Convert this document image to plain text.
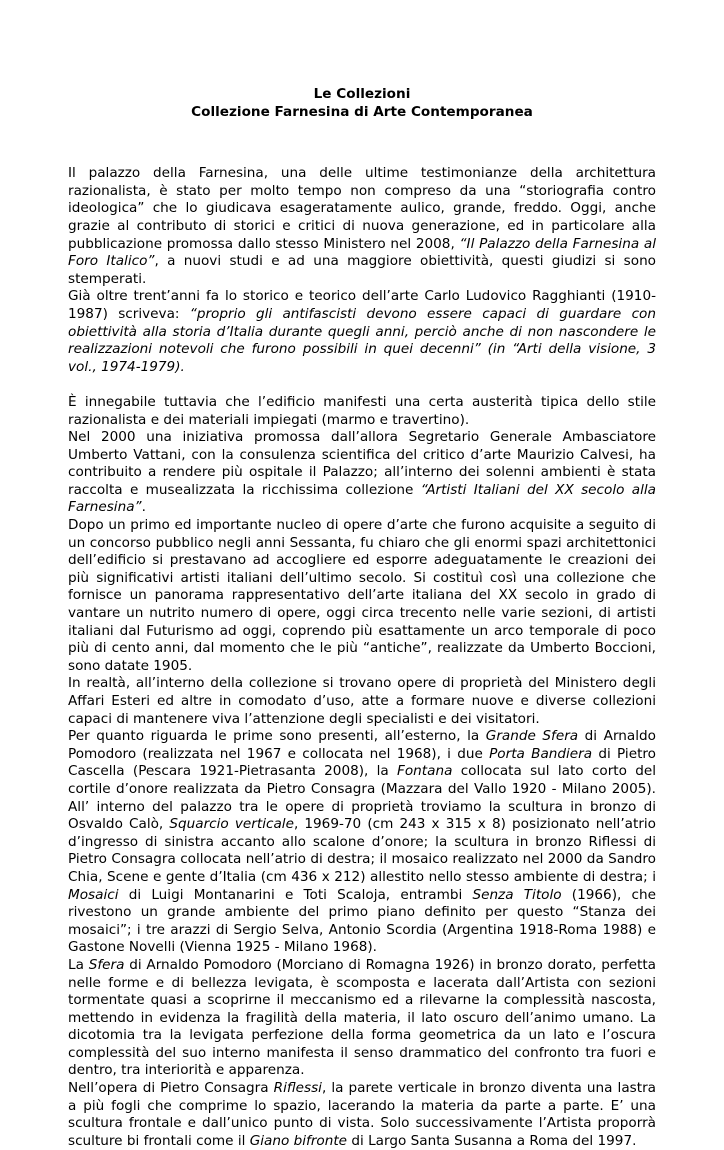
Le Collezioni
Collezione Farnesina di Arte Contemporanea

Il palazzo della Farnesina, una delle ultime testimonianze della architettura razionalista, è stato per molto tempo non compreso da una “storiografia contro ideologica” che lo giudicava esageratamente aulico, grande, freddo. Oggi, anche grazie al contributo di storici e critici di nuova generazione, ed in particolare alla pubblicazione promossa dallo stesso Ministero nel 2008, “Il Palazzo della Farnesina al Foro Italico”, a nuovi studi e ad una maggiore obiettività, questi giudizi si sono stemperati.

Già oltre trent’anni fa lo storico e teorico dell’arte Carlo Ludovico Ragghianti (1910-1987) scriveva: “proprio gli antifascisti devono essere capaci di guardare con obiettività alla storia d’Italia durante quegli anni, perciò anche di non nascondere le realizzazioni notevoli che furono possibili in quei decenni” (in “Arti della visione, 3 vol., 1974-1979).

È innegabile tuttavia che l’edificio manifesti una certa austerità tipica dello stile razionalista e dei materiali impiegati (marmo e travertino).

Nel 2000 una iniziativa promossa dall’allora Segretario Generale Ambasciatore Umberto Vattani, con la consulenza scientifica del critico d’arte Maurizio Calvesi, ha contribuito a rendere più ospitale il Palazzo; all’interno dei solenni ambienti è stata raccolta e musealizzata la ricchissima collezione “Artisti Italiani del XX secolo alla Farnesina”.

Dopo un primo ed importante nucleo di opere d’arte che furono acquisite a seguito di un concorso pubblico negli anni Sessanta, fu chiaro che gli enormi spazi architettonici dell’edificio si prestavano ad accogliere ed esporre adeguatamente le creazioni dei più significativi artisti italiani dell’ultimo secolo. Si costituì così una collezione che fornisce un panorama rappresentativo dell’arte italiana del XX secolo in grado di vantare un nutrito numero di opere, oggi circa trecento nelle varie sezioni, di artisti italiani dal Futurismo ad oggi, coprendo più esattamente un arco temporale di poco più di cento anni, dal momento che le più “antiche”, realizzate da Umberto Boccioni, sono datate 1905.

In realtà, all’interno della collezione si trovano opere di proprietà del Ministero degli Affari Esteri ed altre in comodato d’uso, atte a formare nuove e diverse collezioni capaci di mantenere viva l’attenzione degli specialisti e dei visitatori.

Per quanto riguarda le prime sono presenti, all’esterno, la Grande Sfera di Arnaldo Pomodoro (realizzata nel 1967 e collocata nel 1968), i due Porta Bandiera di Pietro Cascella (Pescara 1921-Pietrasanta 2008), la Fontana collocata sul lato corto del cortile d’onore realizzata da Pietro Consagra (Mazzara del Vallo 1920 - Milano 2005). All’ interno del palazzo tra le opere di proprietà troviamo la scultura in bronzo di Osvaldo Calò, Squarcio verticale, 1969-70 (cm 243 x 315 x 8) posizionato nell’atrio d’ingresso di sinistra accanto allo scalone d’onore; la scultura in bronzo Riflessi di Pietro Consagra collocata nell’atrio di destra; il mosaico realizzato nel 2000 da Sandro Chia, Scene e gente d’Italia (cm 436 x 212) allestito nello stesso ambiente di destra; i Mosaici di Luigi Montanarini e Toti Scaloja, entrambi Senza Titolo (1966), che rivestono un grande ambiente del primo piano definito per questo “Stanza dei mosaici”; i tre arazzi di Sergio Selva, Antonio Scordia (Argentina 1918-Roma 1988) e Gastone Novelli (Vienna 1925 - Milano 1968).

La Sfera di Arnaldo Pomodoro (Morciano di Romagna 1926) in bronzo dorato, perfetta nelle forme e di bellezza levigata, è scomposta e lacerata dall’Artista con sezioni tormentate quasi a scoprirne il meccanismo ed a rilevarne la complessità nascosta, mettendo in evidenza la fragilità della materia, il lato oscuro dell’animo umano. La dicotomia tra la levigata perfezione della forma geometrica da un lato e l’oscura complessità del suo interno manifesta il senso drammatico del confronto tra fuori e dentro, tra interiorità e apparenza.

Nell’opera di Pietro Consagra Riflessi, la parete verticale in bronzo diventa una lastra a più fogli che comprime lo spazio, lacerando la materia da parte a parte. E’ una scultura frontale e dall’unico punto di vista. Solo successivamente l’Artista proporrà sculture bi frontali come il Giano bifronte di Largo Santa Susanna a Roma del 1997.
